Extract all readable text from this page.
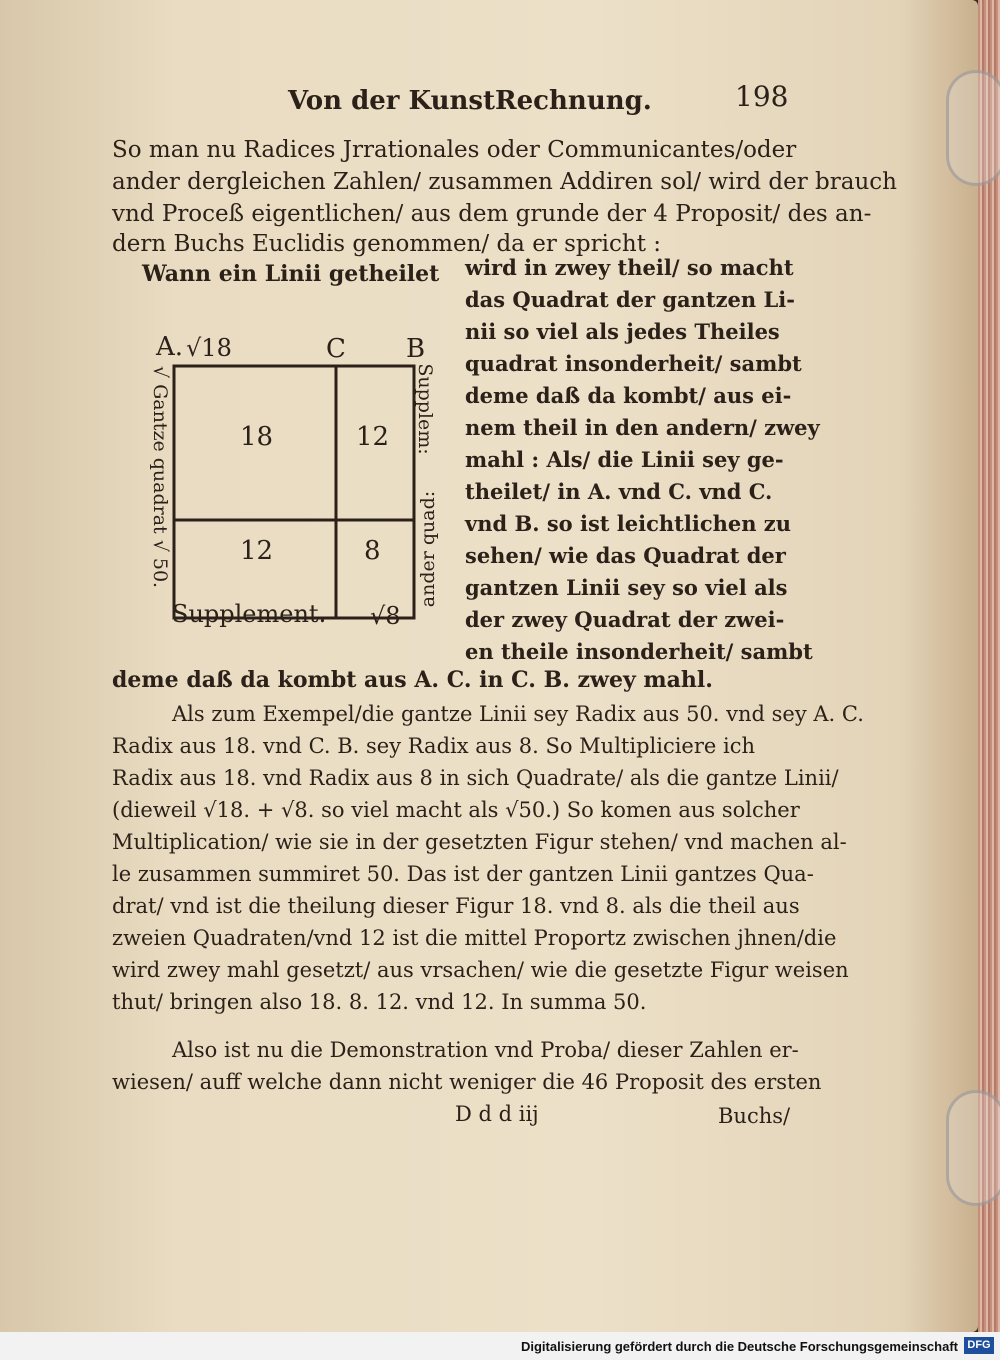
Von der KunstRechnung.	198
So man nu Radices Jrrationales oder Communicantes/oder
ander dergleichen Zahlen/ zusammen Addiren sol/ wird der brauch
vnd Proceß eigentlichen/ aus dem grunde der 4 Proposit/ des an-
dern Buchs Euclidis genommen/ da er spricht :
Wann ein Linii getheilet wird in zwey theil/ so macht
das Quadrat der gantzen Li-
nii so viel als jedes Theiles
quadrat insonderheit/ sambt
deme daß da kombt/ aus ei-
nem theil in den andern/ zwey
mahl : Als/ die Linii sey ge-
theilet/ in A. vnd C. vnd C.
vnd B. so ist leichtlichen zu
sehen/ wie das Quadrat der
gantzen Linii sey so viel als
der zwey Quadrat der zwei-
en theile insonderheit/ sambt
A. √18	C B
18	12
12	8
Supplement. √8
√ Gantze quadrat √ 50.	Supplem:
ander quad:
deme daß da kombt aus A. C. in C. B. zwey mahl.
Als zum Exempel/die gantze Linii sey Radix aus 50. vnd sey A. C.
Radix aus 18. vnd C. B. sey Radix aus 8. So Multipliciere ich
Radix aus 18. vnd Radix aus 8 in sich Quadrate/ als die gantze Linii/
(dieweil √18. + √8. so viel macht als √50.) So komen aus solcher
Multiplication/ wie sie in der gesetzten Figur stehen/ vnd machen al-
le zusammen summiret 50. Das ist der gantzen Linii gantzes Qua-
drat/ vnd ist die theilung dieser Figur 18. vnd 8. als die theil aus
zweien Quadraten/vnd 12 ist die mittel Proportz zwischen jhnen/die
wird zwey mahl gesetzt/ aus vrsachen/ wie die gesetzte Figur weisen
thut/ bringen also 18. 8. 12. vnd 12. In summa 50.
Also ist nu die Demonstration vnd Proba/ dieser Zahlen er-
wiesen/ auff welche dann nicht weniger die 46 Proposit des ersten
D d d iij	Buchs/
Digitalisierung gefördert durch die Deutsche Forschungsgemeinschaft DFG
